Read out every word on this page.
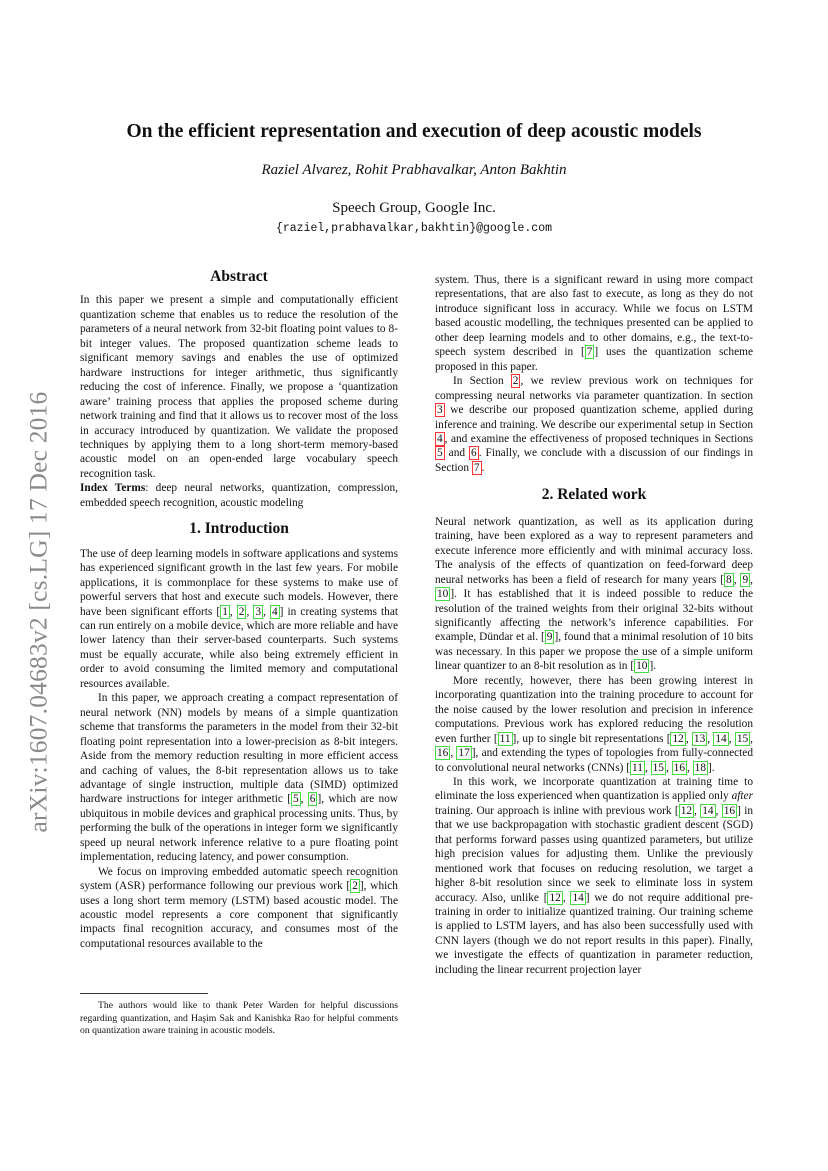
arXiv:1607.04683v2 [cs.LG] 17 Dec 2016
On the efficient representation and execution of deep acoustic models
Raziel Alvarez, Rohit Prabhavalkar, Anton Bakhtin
Speech Group, Google Inc.
{raziel,prabhavalkar,bakhtin}@google.com
Abstract

In this paper we present a simple and computationally efficient quantization scheme that enables us to reduce the resolution of the parameters of a neural network from 32-bit floating point values to 8-bit integer values. The proposed quantization scheme leads to significant memory savings and enables the use of optimized hardware instructions for integer arithmetic, thus significantly reducing the cost of inference. Finally, we propose a ‘quantization aware’ training process that applies the proposed scheme during network training and find that it allows us to recover most of the loss in accuracy introduced by quantization. We validate the proposed techniques by applying them to a long short-term memory-based acoustic model on an open-ended large vocabulary speech recognition task.

Index Terms: deep neural networks, quantization, compression, embedded speech recognition, acoustic modeling

1. Introduction

The use of deep learning models in software applications and systems has experienced significant growth in the last few years. For mobile applications, it is commonplace for these systems to make use of powerful servers that host and execute such models. However, there have been significant efforts [ 1 , 2 , 3 , 4 ] in creating systems that can run entirely on a mobile device, which are more reliable and have lower latency than their server-based counterparts. Such systems must be equally accurate, while also being extremely efficient in order to avoid consuming the limited memory and computational resources available.

In this paper, we approach creating a compact representation of neural network (NN) models by means of a simple quantization scheme that transforms the parameters in the model from their 32-bit floating point representation into a lower-precision as 8-bit integers. Aside from the memory reduction resulting in more efficient access and caching of values, the 8-bit representation allows us to take advantage of single instruction, multiple data (SIMD) optimized hardware instructions for integer arithmetic [ 5 , 6 ], which are now ubiquitous in mobile devices and graphical processing units. Thus, by performing the bulk of the operations in integer form we significantly speed up neural network inference relative to a pure floating point implementation, reducing latency, and power consumption.

We focus on improving embedded automatic speech recognition system (ASR) performance following our previous work [ 2 ], which uses a long short term memory (LSTM) based acoustic model. The acoustic model represents a core component that significantly impacts final recognition accuracy, and consumes most of the computational resources available to the

The authors would like to thank Peter Warden for helpful discussions regarding quantization, and Haşim Sak and Kanishka Rao for helpful comments on quantization aware training in acoustic models.

system. Thus, there is a significant reward in using more compact representations, that are also fast to execute, as long as they do not introduce significant loss in accuracy. While we focus on LSTM based acoustic modelling, the techniques presented can be applied to other deep learning models and to other domains, e.g., the text-to-speech system described in [ 7 ] uses the quantization scheme proposed in this paper.

In Section 2 , we review previous work on techniques for compressing neural networks via parameter quantization. In section 3 we describe our proposed quantization scheme, applied during inference and training. We describe our experimental setup in Section 4 , and examine the effectiveness of proposed techniques in Sections 5 and 6 . Finally, we conclude with a discussion of our findings in Section 7 .

2. Related work

Neural network quantization, as well as its application during training, have been explored as a way to represent parameters and execute inference more efficiently and with minimal accuracy loss. The analysis of the effects of quantization on feed-forward deep neural networks has been a field of research for many years [ 8 , 9 , 10 ]. It has established that it is indeed possible to reduce the resolution of the trained weights from their original 32-bits without significantly affecting the network’s inference capabilities. For example, Dündar et al. [ 9 ], found that a minimal resolution of 10 bits was necessary. In this paper we propose the use of a simple uniform linear quantizer to an 8-bit resolution as in [ 10 ].

More recently, however, there has been growing interest in incorporating quantization into the training procedure to account for the noise caused by the lower resolution and precision in inference computations. Previous work has explored reducing the resolution even further [ 11 ], up to single bit representations [ 12 , 13 , 14 , 15 , 16 , 17 ], and extending the types of topologies from fully-connected to convolutional neural networks (CNNs) [ 11 , 15 , 16 , 18 ].

In this work, we incorporate quantization at training time to eliminate the loss experienced when quantization is applied only after training. Our approach is inline with previous work [ 12 , 14 , 16 ] in that we use backpropagation with stochastic gradient descent (SGD) that performs forward passes using quantized parameters, but utilize high precision values for adjusting them. Unlike the previously mentioned work that focuses on reducing resolution, we target a higher 8-bit resolution since we seek to eliminate loss in system accuracy. Also, unlike [ 12 , 14 ] we do not require additional pre-training in order to initialize quantized training. Our training scheme is applied to LSTM layers, and has also been successfully used with CNN layers (though we do not report results in this paper). Finally, we investigate the effects of quantization in parameter reduction, including the linear recurrent projection layer
